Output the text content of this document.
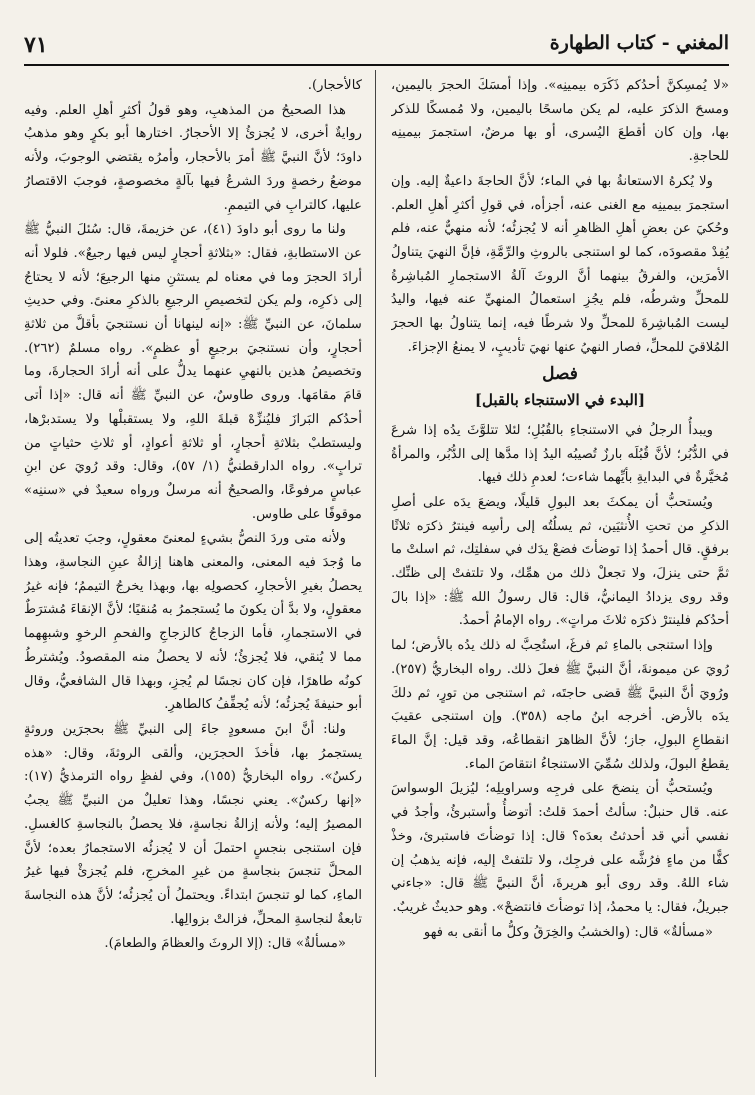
المغني - كتاب الطهارة
٧١

«لا يُمسِكنَّ أحدُكم ذَكَرَه بيمينِه». وإذا أمسَكَ الحجرَ باليمين، ومسحَ الذكرَ عليه، لم يكن ماسحًا باليمين، ولا مُمسكًا للذكر بها، وإن كان أقطعَ اليُسرى، أو بها مرضٌ، استجمرَ بيمينِه للحاجةِ.

ولا يُكرهُ الاستعانةُ بها في الماء؛ لأنَّ الحاجةَ داعيةٌ إليه. وإن استجمرَ بيمينِه مع الغنى عنه، أجزأه، في قولِ أكثرِ أهلِ العلم. وحُكيَ عن بعضِ أهلِ الظاهرِ أنه لا يُجزئُه؛ لأنه منهيٌّ عنه، فلم يُفِدْ مقصودَه، كما لو استنجى بالروثِ والرِّمَّةِ، فإنَّ النهيَ يتناولُ الأمرَين، والفرقُ بينهما أنَّ الروثَ آلةُ الاستجمارِ المُباشِرةُ للمحلِّ وشرطُه، فلم يجُزِ استعمالُ المنهيِّ عنه فيها، واليدُ ليست المُباشِرةَ للمحلِّ ولا شرطًا فيه، إنما يتناولُ بها الحجرَ المُلاقيَ للمحلِّ، فصار النهيُ عنها نهيَ تأديبٍ، لا يمنعُ الإجزاءَ.

فصل
[البدء في الاستنجاء بالقبل]

ويبدأُ الرجلُ في الاستنجاءِ بالقُبُلِ؛ لئلا تتلوَّثَ يدُه إذا شرعَ في الدُّبُر؛ لأنَّ قُبُلَه بارزٌ تُصيبُه اليدُ إذا مدَّها إلى الدُّبُر، والمرأةُ مُخيَّرةٌ في البدايةِ بأيِّهما شاءت؛ لعدمِ ذلك فيها.

ويُستحبُّ أن يمكثَ بعد البولِ قليلًا، ويضعَ يدَه على أصلِ الذكرِ من تحتِ الأُنثيَين، ثم يسلُتُه إلى رأسِه فينترُ ذكرَه ثلاثًا برفقٍ. قال أحمدُ إذا توضأتَ فضعْ يدَك في سفلتِك، ثم اسلتْ ما ثمَّ حتى ينزلَ، ولا تجعلْ ذلك من همِّك، ولا تلتفتْ إلى ظنِّك. وقد روى يزدادُ اليمانيُّ، قال: قال رسولُ الله ﷺ: «إذا بالَ أحدُكم فلينترْ ذكرَه ثلاثَ مراتٍ». رواه الإمامُ أحمدُ.

وإذا استنجى بالماءِ ثم فرغَ، استُحِبَّ له ذلك يدُه بالأرض؛ لما رُويَ عن ميمونةَ، أنَّ النبيَّ ﷺ فعلَ ذلك. رواه البخاريُّ (٢٥٧). ورُويَ أنَّ النبيَّ ﷺ قضى حاجتَه، ثم استنجى من تورٍ، ثم دلكَ يدَه بالأرض. أخرجه ابنُ ماجه (٣٥٨). وإن استنجى عقيبَ انقطاعِ البولِ، جاز؛ لأنَّ الظاهرَ انقطاعُه، وقد قيل: إنَّ الماءَ يقطعُ البولَ، ولذلك سُمِّيَ الاستنجاءُ انتقاصَ الماء.

ويُستحبُّ أن ينضحَ على فرجِه وسراويلِه؛ ليُزيلَ الوسواسَ عنه. قال حنبلٌ: سألتُ أحمدَ قلتُ: أتوضأُ وأستبرئُ، وأجدُ في نفسي أني قد أحدثتُ بعدَه؟ قال: إذا توضأتَ فاستبرئ، وخذْ كفًّا من ماءٍ فرُشَّه على فرجِك، ولا تلتفتْ إليه، فإنه يذهبُ إن شاء اللهُ. وقد روى أبو هريرةَ، أنَّ النبيَّ ﷺ قال: «جاءني جبريلُ، فقال: يا محمدُ، إذا توضأتَ فانتضحْ». وهو حديثٌ غريبٌ.

«مسألةٌ» قال: (والخشبُ والخِرَقُ وكلُّ ما أنقى به فهو

كالأحجار).

هذا الصحيحُ من المذهبِ، وهو قولُ أكثرِ أهلِ العلم. وفيه روايةٌ أخرى، لا يُجزئُ إلا الأحجارُ. اختارها أبو بكرٍ وهو مذهبُ داودَ؛ لأنَّ النبيَّ ﷺ أمرَ بالأحجار، وأمرُه يقتضي الوجوبَ، ولأنه موضعُ رخصةٍ وردَ الشرعُ فيها بآلةٍ مخصوصةٍ، فوجبَ الاقتصارُ عليها، كالترابِ في التيممِ.

ولنا ما روى أبو داودَ (٤١)، عن خزيمةَ، قال: سُئلَ النبيُّ ﷺ عن الاستطابةِ، فقال: «بثلاثةِ أحجارٍ ليس فيها رجيعٌ». فلولا أنه أرادَ الحجرَ وما في معناه لم يستثنِ منها الرجيعَ؛ لأنه لا يحتاجُ إلى ذكرِه، ولم يكن لتخصيصِ الرجيعِ بالذكرِ معنىً. وفي حديثِ سلمانَ، عن النبيِّ ﷺ: «إنه لينهانا أن نستنجيَ بأقلَّ من ثلاثةِ أحجارٍ، وأن نستنجيَ برجيعٍ أو عظمٍ». رواه مسلمٌ (٢٦٢). وتخصيصُ هذين بالنهيِ عنهما يدلُّ على أنه أرادَ الحجارةَ، وما قامَ مقامَها. وروى طاوسٌ، عن النبيِّ ﷺ أنه قال: «إذا أتى أحدُكم البَرازَ فليُنزِّهْ قبلةَ اللهِ، ولا يستقبلْها ولا يستدبرْها، وليستطبْ بثلاثةِ أحجارٍ، أو ثلاثةِ أعوادٍ، أو ثلاثِ حثياتٍ من ترابٍ». رواه الدارقطنيُّ (١/ ٥٧)، وقال: وقد رُويَ عن ابنِ عباسٍ مرفوعًا، والصحيحُ أنه مرسلٌ ورواه سعيدٌ في «سننِه» موقوفًا على طاوس.

ولأنه متى وردَ النصُّ بشيءٍ لمعنىً معقولٍ، وجبَ تعديتُه إلى ما وُجدَ فيه المعنى، والمعنى هاهنا إزالةُ عينِ النجاسةِ، وهذا يحصلُ بغيرِ الأحجارِ، كحصولِه بها، وبهذا يخرجُ التيممُ؛ فإنه غيرُ معقولٍ، ولا بدَّ أن يكونَ ما يُستجمرُ به مُنقيًا؛ لأنَّ الإنقاءَ مُشترَطٌ في الاستجمارِ، فأما الزجاجُ كالزجاجِ والفحمِ الرخوِ وشبهِهما مما لا يُنقي، فلا يُجزئُ؛ لأنه لا يحصلُ منه المقصودُ. ويُشترطُ كونُه طاهرًا، فإن كان نجسًا لم يُجزِ، وبهذا قال الشافعيُّ، وقال أبو حنيفةَ يُجزئُه؛ لأنه يُجفِّفُ كالطاهرِ.

ولنا: أنَّ ابنَ مسعودٍ جاءَ إلى النبيِّ ﷺ بحجرَين وروثةٍ يستجمرُ بها، فأخذَ الحجرَين، وألقى الروثةَ، وقال: «هذه ركسٌ». رواه البخاريُّ (١٥٥)، وفي لفظٍ رواه الترمذيُّ (١٧): «إنها ركسٌ». يعني نجسًا، وهذا تعليلٌ من النبيِّ ﷺ يجبُ المصيرُ إليه؛ ولأنه إزالةُ نجاسةٍ، فلا يحصلُ بالنجاسةِ كالغسلِ. فإن استنجى بنجسٍ احتملَ أن لا يُجزئُه الاستجمارُ بعده؛ لأنَّ المحلَّ تنجسَ بنجاسةٍ من غيرِ المخرجِ، فلم يُجزئْ فيها غيرُ الماءِ، كما لو تنجسَ ابتداءً. ويحتملُ أن يُجزئُه؛ لأنَّ هذه النجاسةَ تابعةٌ لنجاسةِ المحلِّ، فزالتْ بزوالِها.

«مسألةٌ» قال: (إلا الروثَ والعظامَ والطعامَ).
